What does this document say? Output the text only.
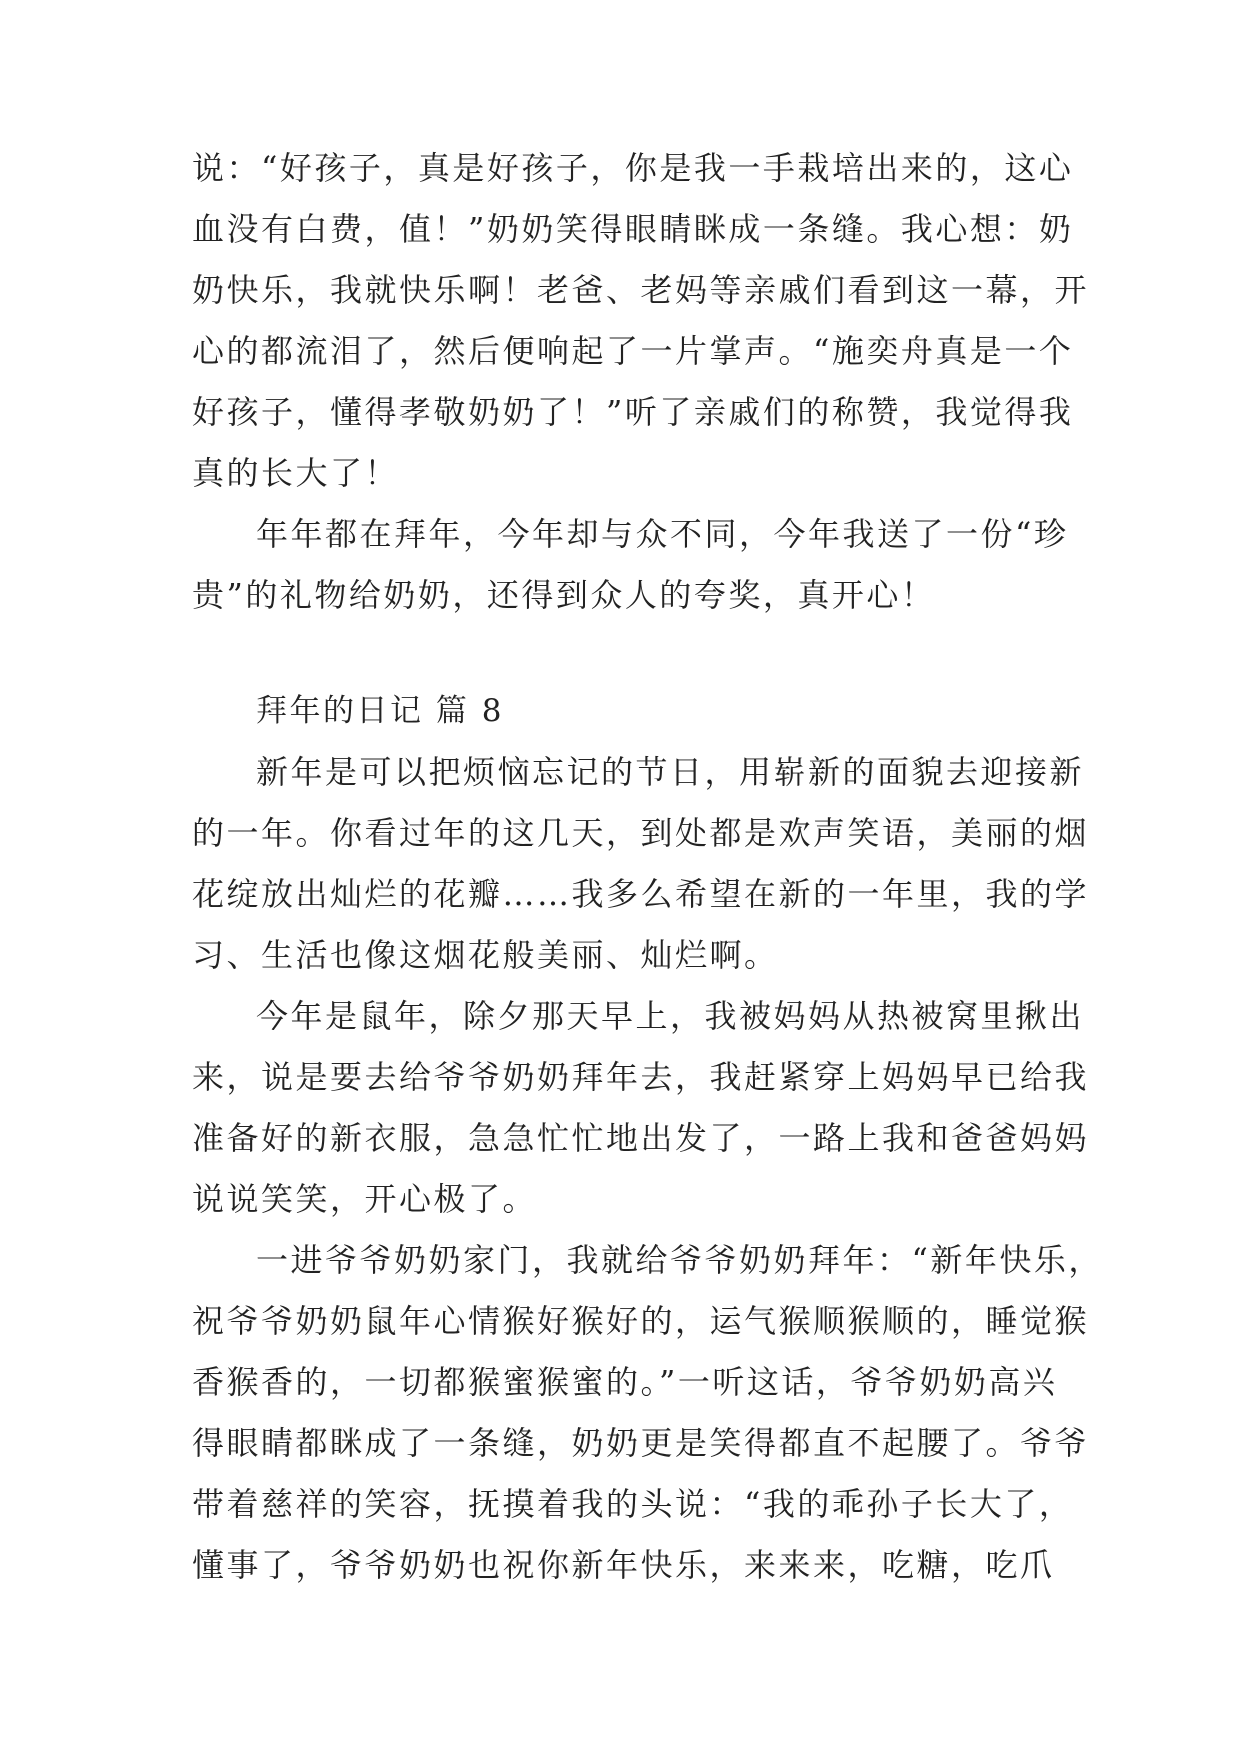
说：“好孩子，真是好孩子，你是我一手栽培出来的，这心
血没有白费，值！”奶奶笑得眼睛眯成一条缝。我心想：奶
奶快乐，我就快乐啊！老爸、老妈等亲戚们看到这一幕，开
心的都流泪了，然后便响起了一片掌声。“施奕舟真是一个
好孩子，懂得孝敬奶奶了！”听了亲戚们的称赞，我觉得我
真的长大了！
年年都在拜年，今年却与众不同，今年我送了一份“珍
贵”的礼物给奶奶，还得到众人的夸奖，真开心！
拜年的日记 篇 8
新年是可以把烦恼忘记的节日，用崭新的面貌去迎接新
的一年。你看过年的这几天，到处都是欢声笑语，美丽的烟
花绽放出灿烂的花瓣……我多么希望在新的一年里，我的学
习、生活也像这烟花般美丽、灿烂啊。
今年是鼠年，除夕那天早上，我被妈妈从热被窝里揪出
来，说是要去给爷爷奶奶拜年去，我赶紧穿上妈妈早已给我
准备好的新衣服，急急忙忙地出发了，一路上我和爸爸妈妈
说说笑笑，开心极了。
一进爷爷奶奶家门，我就给爷爷奶奶拜年：“新年快乐，
祝爷爷奶奶鼠年心情猴好猴好的，运气猴顺猴顺的，睡觉猴
香猴香的，一切都猴蜜猴蜜的。”一听这话，爷爷奶奶高兴
得眼睛都眯成了一条缝，奶奶更是笑得都直不起腰了。爷爷
带着慈祥的笑容，抚摸着我的头说：“我的乖孙子长大了，
懂事了，爷爷奶奶也祝你新年快乐，来来来，吃糖，吃爪
